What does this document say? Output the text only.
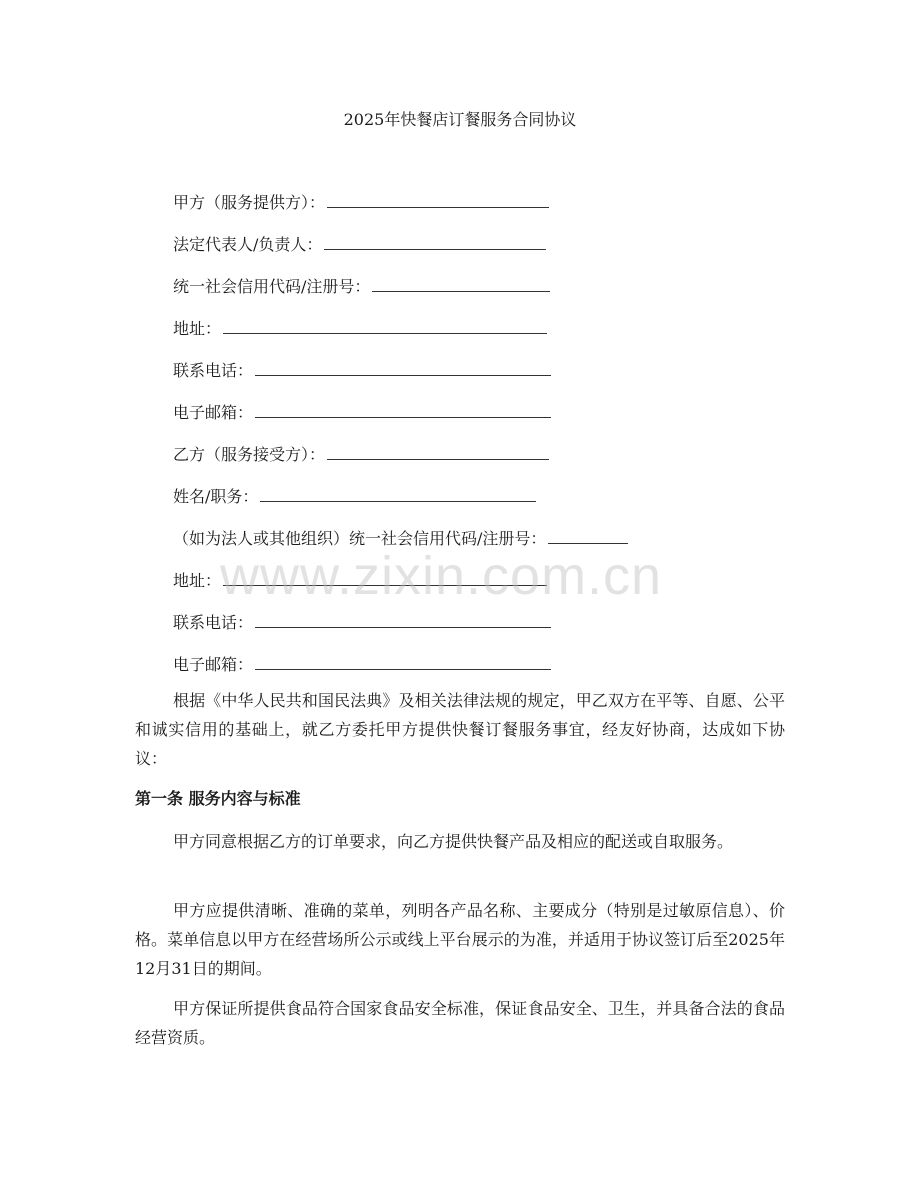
2025年快餐店订餐服务合同协议
甲方（服务提供方）：
法定代表人/负责人：
统一社会信用代码/注册号：
地址：
联系电话：
电子邮箱：
乙方（服务接受方）：
姓名/职务：
（如为法人或其他组织）统一社会信用代码/注册号：
地址：
联系电话：
电子邮箱：
根据《中华人民共和国民法典》及相关法律法规的规定，甲乙双方在平等、自愿、公平和诚实信用的基础上，就乙方委托甲方提供快餐订餐服务事宜，经友好协商，达成如下协议：
第一条 服务内容与标准
甲方同意根据乙方的订单要求，向乙方提供快餐产品及相应的配送或自取服务。
甲方应提供清晰、准确的菜单，列明各产品名称、主要成分（特别是过敏原信息）、价格。菜单信息以甲方在经营场所公示或线上平台展示的为准，并适用于协议签订后至2025年12月31日的期间。
甲方保证所提供食品符合国家食品安全标准，保证食品安全、卫生，并具备合法的食品经营资质。
www.zixin.com.cn
